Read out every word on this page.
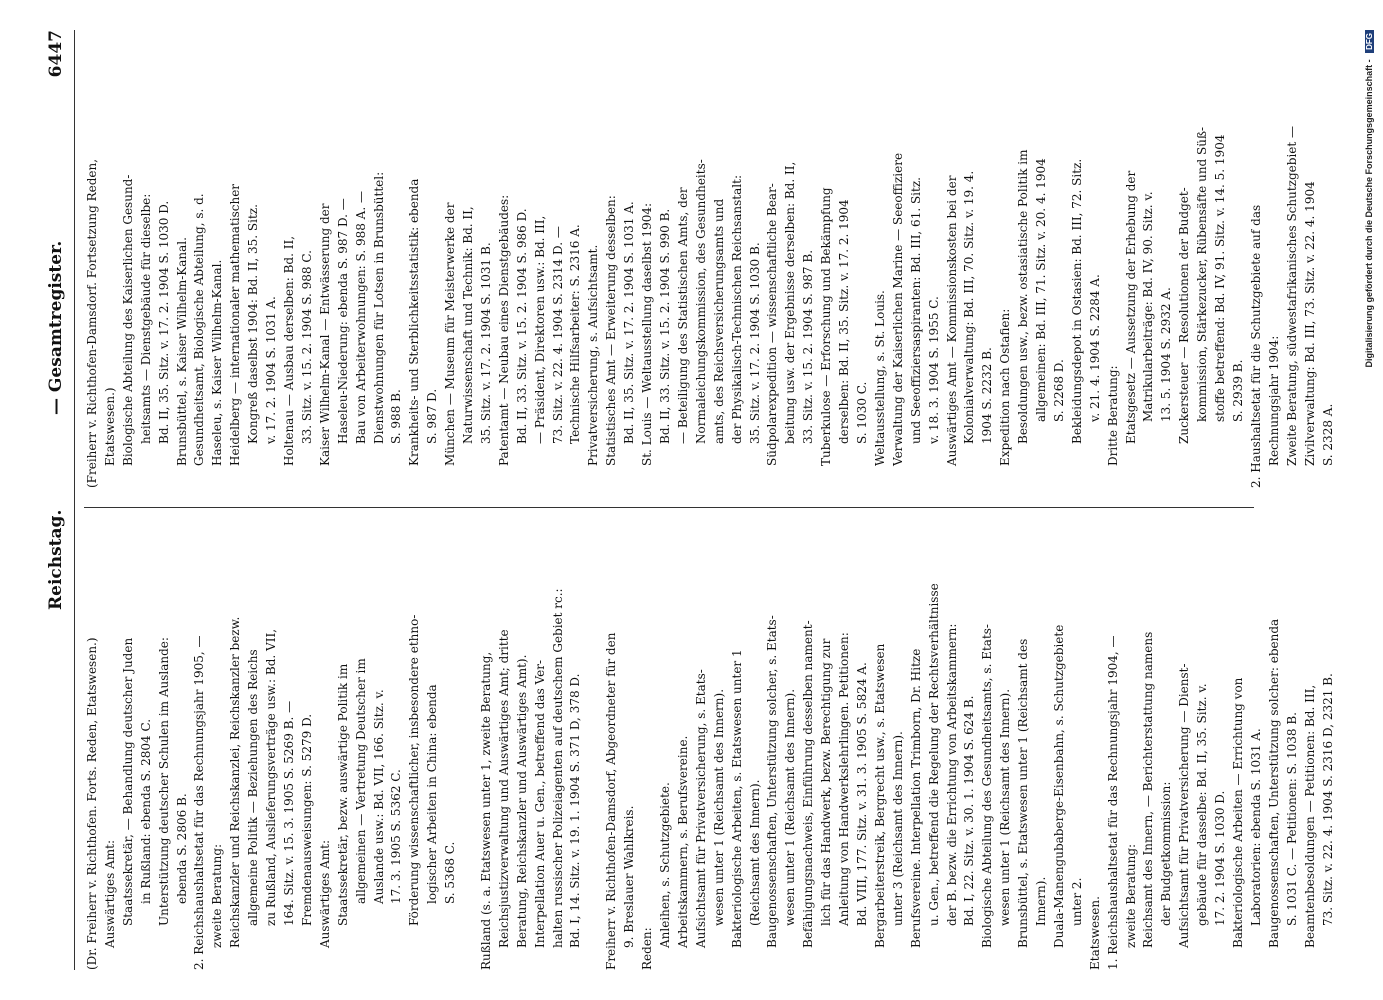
Reichstag.
— Gesamtregister.
6447

(Dr. Freiherr v. Richthofen. Forts. Reden, Etatswesen.) Auswärtiges Amt: Staatssekretär, — Behandlung deutscher Juden in Rußland: ebenda S. 2804 C. Unterstützung deutscher Schulen im Auslande: ebenda S. 2806 B. 2. Reichshaushaltsetat für das Rechnungsjahr 1905, — zweite Beratung: Reichskanzler und Reichskanzlei, Reichskanzler bezw. allgemeine Politik — Beziehungen des Reichs zu Rußland, Auslieferungsverträge usw.: Bd. VII, 164. Sitz. v. 15. 3. 1905 S. 5269 B. — Fremdenausweisungen: S. 5279 D. Auswärtiges Amt: Staatssekretär, bezw. auswärtige Politik im allgemeinen — Vertretung Deutscher im Auslande usw.: Bd. VII, 166. Sitz. v. 17. 3. 1905 S. 5362 C. Förderung wissenschaftlicher, insbesondere ethno- logischer Arbeiten in China: ebenda S. 5368 C.

Rußland (s. a. Etatswesen unter 1, zweite Beratung, Reichsjustizverwaltung und Auswärtiges Amt; dritte Beratung, Reichskanzler und Auswärtiges Amt). Interpellation Auer u. Gen., betreffend das Ver- halten russischer Polizeiagenten auf deutschem Gebiet rc.: Bd. I, 14. Sitz. v. 19. 1. 1904 S. 371 D, 378 D.

Freiherr v. Richthofen-Damsdorf, Abgeordneter für den 9. Breslauer Wahlkreis.

Reden:

Anleihen, s. Schutzgebiete. Arbeitskammern, s. Berufsvereine. Aufsichtsamt für Privatversicherung, s. Etats- wesen unter 1 (Reichsamt des Innern). Bakteriologische Arbeiten, s. Etatswesen unter 1 (Reichsamt des Innern). Baugenossenschaften, Unterstützung solcher, s. Etats- wesen unter 1 (Reichsamt des Innern). Befähigungsnachweis, Einführung desselben nament- lich für das Handwerk, bezw. Berechtigung zur Anleitung von Handwerkslehrlingen. Petitionen: Bd. VIII, 177. Sitz. v. 31. 3. 1905 S. 5824 A. Bergarbeiterstreik, Bergrecht usw., s. Etatswesen unter 3 (Reichsamt des Innern). Berufsvereine. Interpellation Trimborn, Dr. Hitze u. Gen., betreffend die Regelung der Rechtsverhältnisse der B. bezw. die Errichtung von Arbeitskammern: Bd. I, 22. Sitz. v. 30. 1. 1904 S. 624 B. Biologische Abteilung des Gesundheitsamts, s. Etats- wesen unter 1 (Reichsamt des Innern). Brunsbüttel, s. Etatswesen unter 1 (Reichsamt des Innern). Duala-Manengubaberge-Eisenbahn, s. Schutzgebiete unter 2. Etatswesen. 1. Reichshaushaltsetat für das Rechnungsjahr 1904, — zweite Beratung: Reichsamt des Innern, — Berichterstattung namens der Budgetkommission: Aufsichtsamt für Privatversicherung — Dienst- gebäude für dasselbe: Bd. II, 35. Sitz. v. 17. 2. 1904 S. 1030 D. Bakteriologische Arbeiten — Errichtung von Laboratorien: ebenda S. 1031 A. Baugenossenschaften, Unterstützung solcher: ebenda S. 1031 C. — Petitionen: S. 1038 B. Beamtenbesoldungen — Petitionen: Bd. III, 73. Sitz. v. 22. 4. 1904 S. 2316 D, 2321 B.

(Freiherr v. Richthofen-Damsdorf. Fortsetzung Reden, Etatswesen.) Biologische Abteilung des Kaiserlichen Gesund- heitsamts — Dienstgebäude für dieselbe: Bd. II, 35. Sitz. v. 17. 2. 1904 S. 1030 D. Brunsbüttel, s. Kaiser Wilhelm-Kanal. Gesundheitsamt, Biologische Abteilung, s. d. Haseleu, s. Kaiser Wilhelm-Kanal. Heidelberg — internationaler mathematischer Kongreß daselbst 1904: Bd. II, 35. Sitz. v. 17. 2. 1904 S. 1031 A. Holtenau — Ausbau derselben: Bd. II, 33. Sitz. v. 15. 2. 1904 S. 988 C. Kaiser Wilhelm-Kanal — Entwässerung der Haseleu-Niederung: ebenda S. 987 D. — Bau von Arbeiterwohnungen: S. 988 A. — Dienstwohnungen für Lotsen in Brunsbüttel: S. 988 B. Krankheits- und Sterblichkeitsstatistik: ebenda S. 987 D. München — Museum für Meisterwerke der Naturwissenschaft und Technik: Bd. II, 35. Sitz. v. 17. 2. 1904 S. 1031 B. Patentamt — Neubau eines Dienstgebäudes: Bd. II, 33. Sitz. v. 15. 2. 1904 S. 986 D. — Präsident, Direktoren usw.: Bd. III, 73. Sitz. v. 22. 4. 1904 S. 2314 D. — Technische Hilfsarbeiter: S. 2316 A. Privatversicherung, s. Aufsichtsamt. Statistisches Amt — Erweiterung desselben: Bd. II, 35. Sitz. v. 17. 2. 1904 S. 1031 A. St. Louis — Weltausstellung daselbst 1904: Bd. II, 33. Sitz. v. 15. 2. 1904 S. 990 B. — Beteiligung des Statistischen Amts, der Normaleichungskommission, des Gesundheits- amts, des Reichsversicherungsamts und der Physikalisch-Technischen Reichsanstalt: 35. Sitz. v. 17. 2. 1904 S. 1030 B. Südpolarexpedition — wissenschaftliche Bear- beitung usw. der Ergebnisse derselben: Bd. II, 33. Sitz. v. 15. 2. 1904 S. 987 B. Tuberkulose — Erforschung und Bekämpfung derselben: Bd. II, 35. Sitz. v. 17. 2. 1904 S. 1030 C. Weltausstellung, s. St. Louis. Verwaltung der Kaiserlichen Marine — Seeoffiziere und Seeoffiziersaspiranten: Bd. III, 61. Sitz. v. 18. 3. 1904 S. 1955 C. Auswärtiges Amt — Kommissionskosten bei der Kolonialverwaltung: Bd. III, 70. Sitz. v. 19. 4. 1904 S. 2232 B. Expedition nach Ostafien: Besoldungen usw., bezw. ostasiatische Politik im allgemeinen: Bd. III, 71. Sitz. v. 20. 4. 1904 S. 2268 D. Bekleidungsdepot in Ostasien: Bd. III, 72. Sitz. v. 21. 4. 1904 S. 2284 A. Dritte Beratung: Etatsgesetz — Aussetzung der Erhebung der Matrikularbeiträge: Bd. IV, 90. Sitz. v. 13. 5. 1904 S. 2932 A. Zuckersteuer — Resolutionen der Budget- kommission, Stärkezucker, Rübensäfte und Süß- stoffe betreffend: Bd. IV, 91. Sitz. v. 14. 5. 1904 S. 2939 B. 2. Haushaltsetat für die Schutzgebiete auf das Rechnungsjahr 1904: Zweite Beratung, südwestafrikanisches Schutzgebiet — Zivilverwaltung: Bd. III, 73. Sitz. v. 22. 4. 1904 S. 2328 A.

Digitalisierung gefördert durch die Deutsche Forschungsgemeinschaft - DFG
